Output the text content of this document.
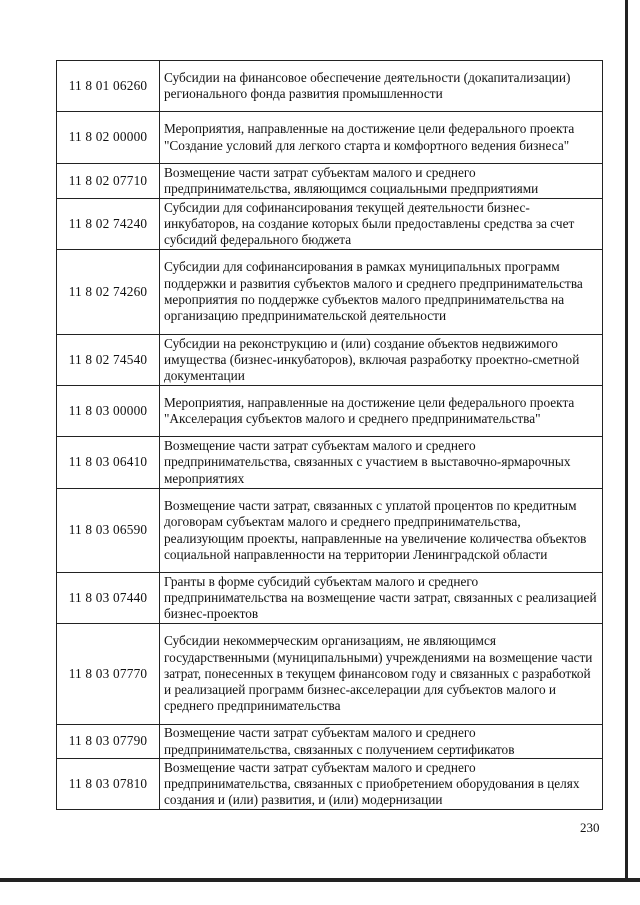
11 8 01 06260	Субсидии на финансовое обеспечение деятельности (докапитализации) регионального фонда развития промышленности
11 8 02 00000	Мероприятия, направленные на достижение цели федерального проекта "Создание условий для легкого старта и комфортного ведения бизнеса"
11 8 02 07710	Возмещение части затрат субъектам малого и среднего предпринимательства, являющимся социальными предприятиями
11 8 02 74240	Субсидии для софинансирования текущей деятельности бизнес-инкубаторов, на создание которых были предоставлены средства за счет субсидий федерального бюджета
11 8 02 74260	Субсидии для софинансирования в рамках муниципальных программ поддержки и развития субъектов малого и среднего предпринимательства мероприятия по поддержке субъектов малого предпринимательства на организацию предпринимательской деятельности
11 8 02 74540	Субсидии на реконструкцию и (или) создание объектов недвижимого имущества (бизнес-инкубаторов), включая разработку проектно-сметной документации
11 8 03 00000	Мероприятия, направленные на достижение цели федерального проекта "Акселерация субъектов малого и среднего предпринимательства"
11 8 03 06410	Возмещение части затрат субъектам малого и среднего предпринимательства, связанных с участием в выставочно-ярмарочных мероприятиях
11 8 03 06590	Возмещение части затрат, связанных с уплатой процентов по кредитным договорам субъектам малого и среднего предпринимательства, реализующим проекты, направленные на увеличение количества объектов социальной направленности на территории Ленинградской области
11 8 03 07440	Гранты в форме субсидий субъектам малого и среднего предпринимательства на возмещение части затрат, связанных с реализацией бизнес-проектов
11 8 03 07770	Субсидии некоммерческим организациям, не являющимся государственными (муниципальными) учреждениями на возмещение части затрат, понесенных в текущем финансовом году и связанных с разработкой и реализацией программ бизнес-акселерации для субъектов малого и среднего предпринимательства
11 8 03 07790	Возмещение части затрат субъектам малого и среднего предпринимательства, связанных с получением сертификатов
11 8 03 07810	Возмещение части затрат субъектам малого и среднего предпринимательства, связанных с приобретением оборудования в целях создания и (или) развития, и (или) модернизации
230
